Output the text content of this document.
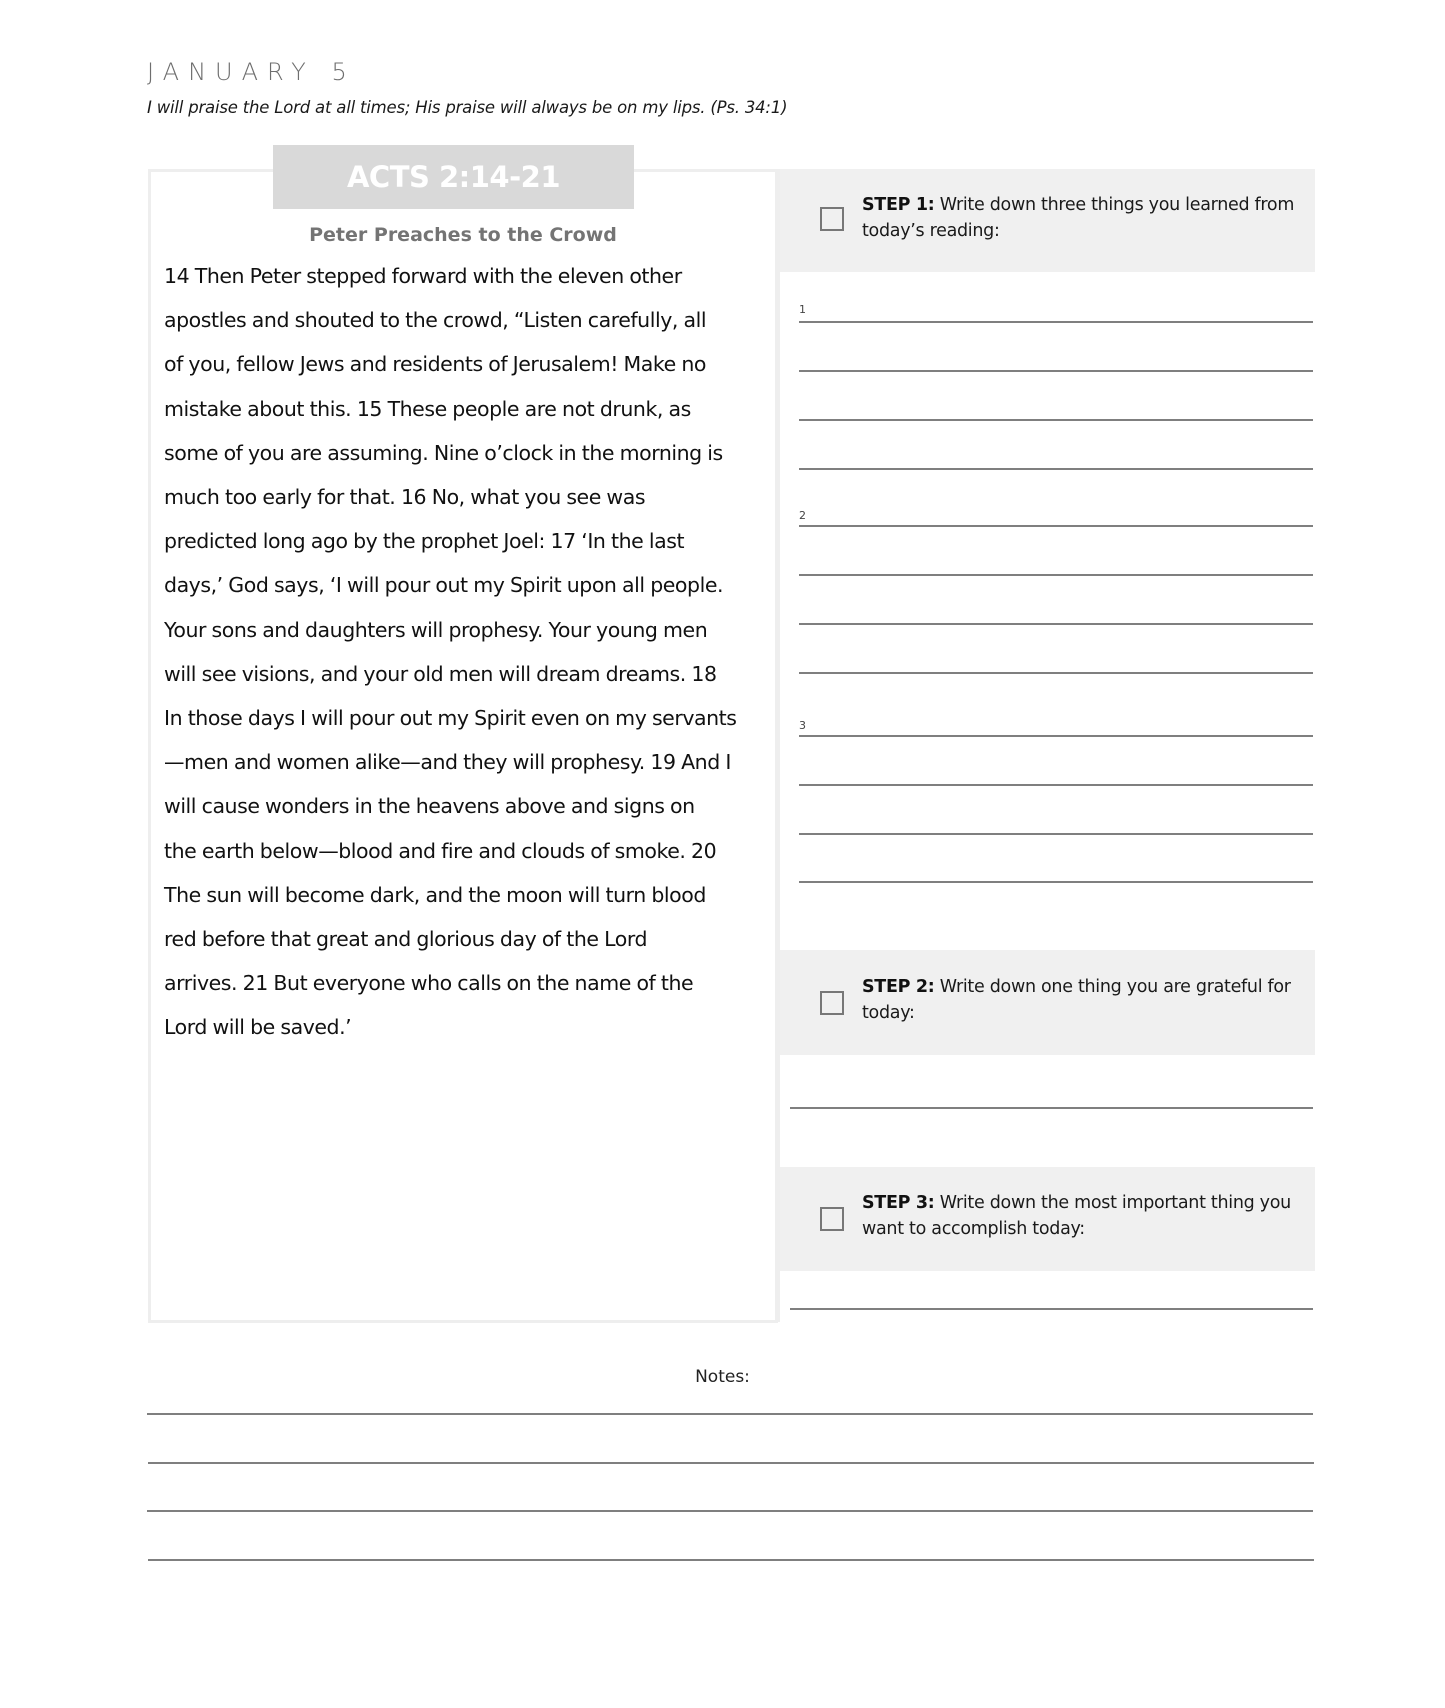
JANUARY 5
I will praise the Lord at all times; His praise will always be on my lips. (Ps. 34:1)
ACTS 2:14-21
Peter Preaches to the Crowd
14 Then Peter stepped forward with the eleven other
apostles and shouted to the crowd, “Listen carefully, all
of you, fellow Jews and residents of Jerusalem! Make no
mistake about this. 15 These people are not drunk, as
some of you are assuming. Nine o’clock in the morning is
much too early for that. 16 No, what you see was
predicted long ago by the prophet Joel: 17 ‘In the last
days,’ God says, ‘I will pour out my Spirit upon all people.
Your sons and daughters will prophesy. Your young men
will see visions, and your old men will dream dreams. 18
In those days I will pour out my Spirit even on my servants
—men and women alike—and they will prophesy. 19 And I
will cause wonders in the heavens above and signs on
the earth below—blood and fire and clouds of smoke. 20
The sun will become dark, and the moon will turn blood
red before that great and glorious day of the Lord
arrives. 21 But everyone who calls on the name of the
Lord will be saved.’
STEP 1: Write down three things you learned from today’s reading:
1
2
3
STEP 2: Write down one thing you are grateful for today:
STEP 3: Write down the most important thing you want to accomplish today:
Notes:
